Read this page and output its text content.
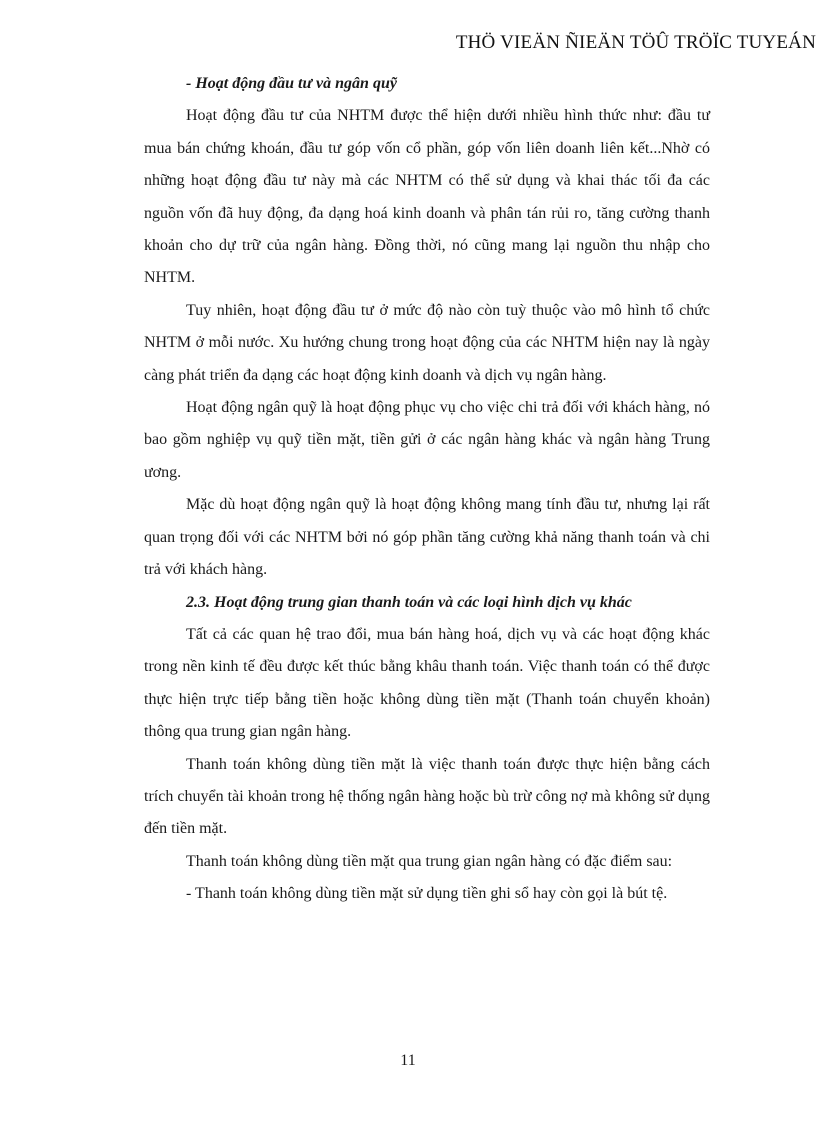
THÖ VIEÄN ÑIEÄN TÖÛ TRÖÏC TUYEÁN

- Hoạt động đầu tư và ngân quỹ

Hoạt động đầu tư của NHTM được thể hiện dưới nhiều hình thức như: đầu tư mua bán chứng khoán, đầu tư góp vốn cổ phần, góp vốn liên doanh liên kết...Nhờ có những hoạt động đầu tư này mà các NHTM có thể sử dụng và khai thác tối đa các nguồn vốn đã huy động, đa dạng hoá kinh doanh và phân tán rủi ro, tăng cường thanh khoản cho dự trữ của ngân hàng. Đồng thời, nó cũng mang lại nguồn thu nhập cho NHTM.

Tuy nhiên, hoạt động đầu tư ở mức độ nào còn tuỳ thuộc vào mô hình tổ chức NHTM ở mỗi nước. Xu hướng chung trong hoạt động của các NHTM hiện nay là ngày càng phát triển đa dạng các hoạt động kinh doanh và dịch vụ ngân hàng.

Hoạt động ngân quỹ là hoạt động phục vụ cho việc chi trả đối với khách hàng, nó bao gồm nghiệp vụ quỹ tiền mặt, tiền gửi ở các ngân hàng khác và ngân hàng Trung ương.

Mặc dù hoạt động ngân quỹ là hoạt động không mang tính đầu tư, nhưng lại rất quan trọng đối với các NHTM bởi nó góp phần tăng cường khả năng thanh toán và chi trả với khách hàng.

2.3. Hoạt động trung gian thanh toán và các loại hình dịch vụ khác

Tất cả các quan hệ trao đổi, mua bán hàng hoá, dịch vụ và các hoạt động khác trong nền kinh tế đều được kết thúc bằng khâu thanh toán. Việc thanh toán có thể được thực hiện trực tiếp bằng tiền hoặc không dùng tiền mặt (Thanh toán chuyển khoản) thông qua trung gian ngân hàng.

Thanh toán không dùng tiền mặt là việc thanh toán được thực hiện bằng cách trích chuyển tài khoản trong hệ thống ngân hàng hoặc bù trừ công nợ mà không sử dụng đến tiền mặt.

Thanh toán không dùng tiền mặt qua trung gian ngân hàng có đặc điểm sau:

- Thanh toán không dùng tiền mặt sử dụng tiền ghi sổ hay còn gọi là bút tệ.

11
